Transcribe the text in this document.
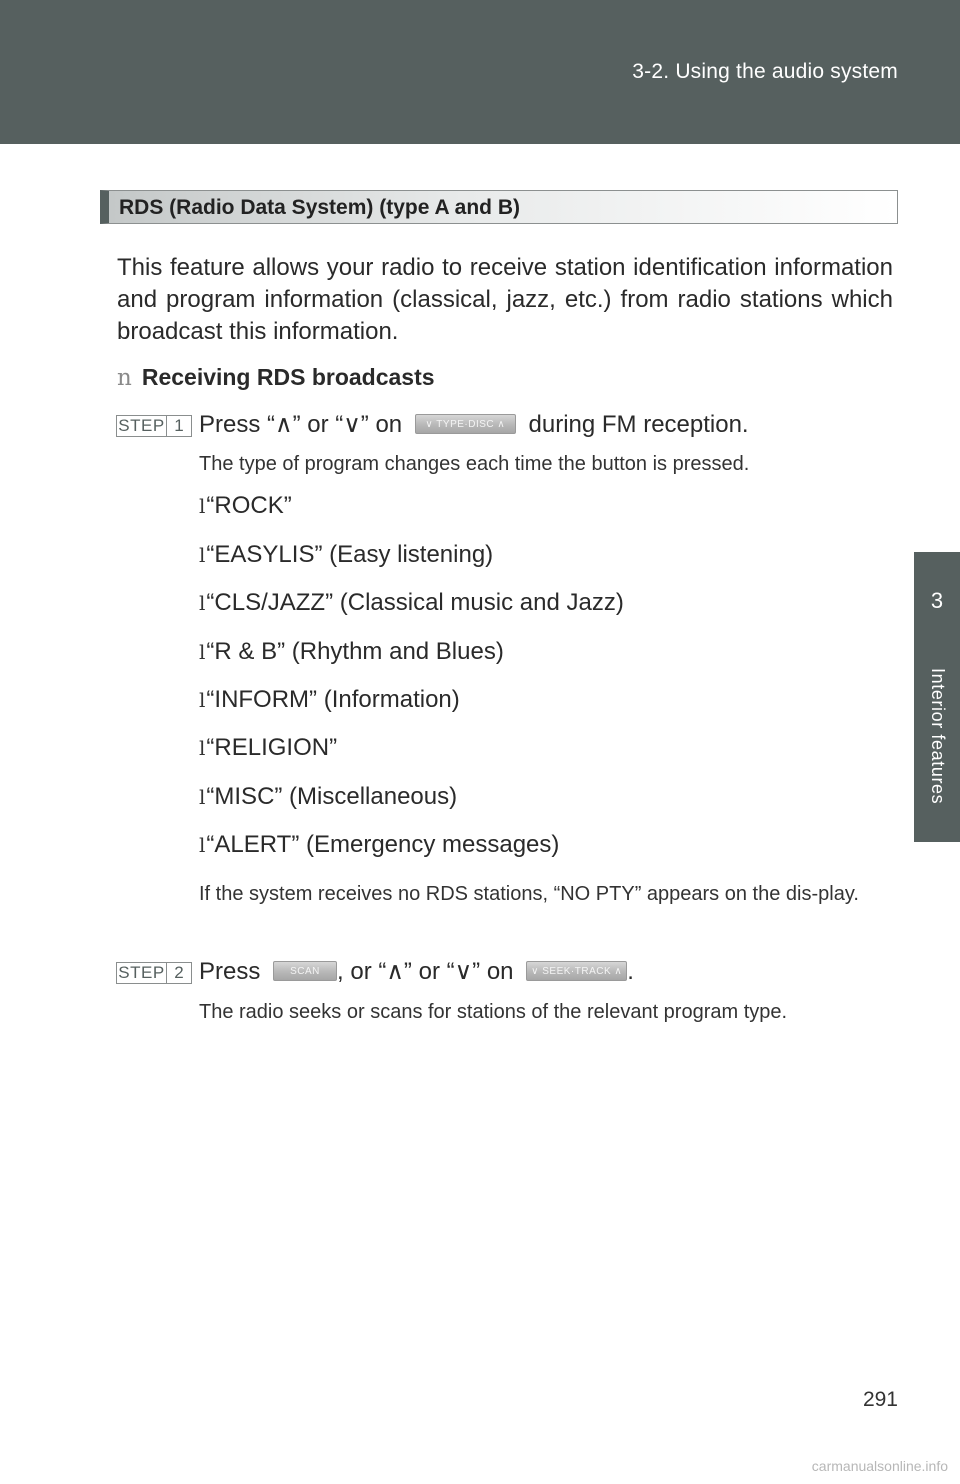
3-2. Using the audio system
3
Interior features
RDS (Radio Data System) (type A and B)
This feature allows your radio to receive station identification information and program information (classical, jazz, etc.) from radio stations which broadcast this information.
n Receiving RDS broadcasts
STEP 1 Press “∧” or “∨” on ∨ TYPE·DISC ∧ during FM reception.
The type of program changes each time the button is pressed.
l“ROCK”
l“EASYLIS” (Easy listening)
l“CLS/JAZZ” (Classical music and Jazz)
l“R & B” (Rhythm and Blues)
l“INFORM” (Information)
l“RELIGION”
l“MISC” (Miscellaneous)
l“ALERT” (Emergency messages)
If the system receives no RDS stations, “NO PTY” appears on the dis-play.
STEP 2 Press	SCAN , or “∧” or “∨” on ∨ SEEK·TRACK ∧ .
The radio seeks or scans for stations of the relevant program type.
291
carmanualsonline.info
